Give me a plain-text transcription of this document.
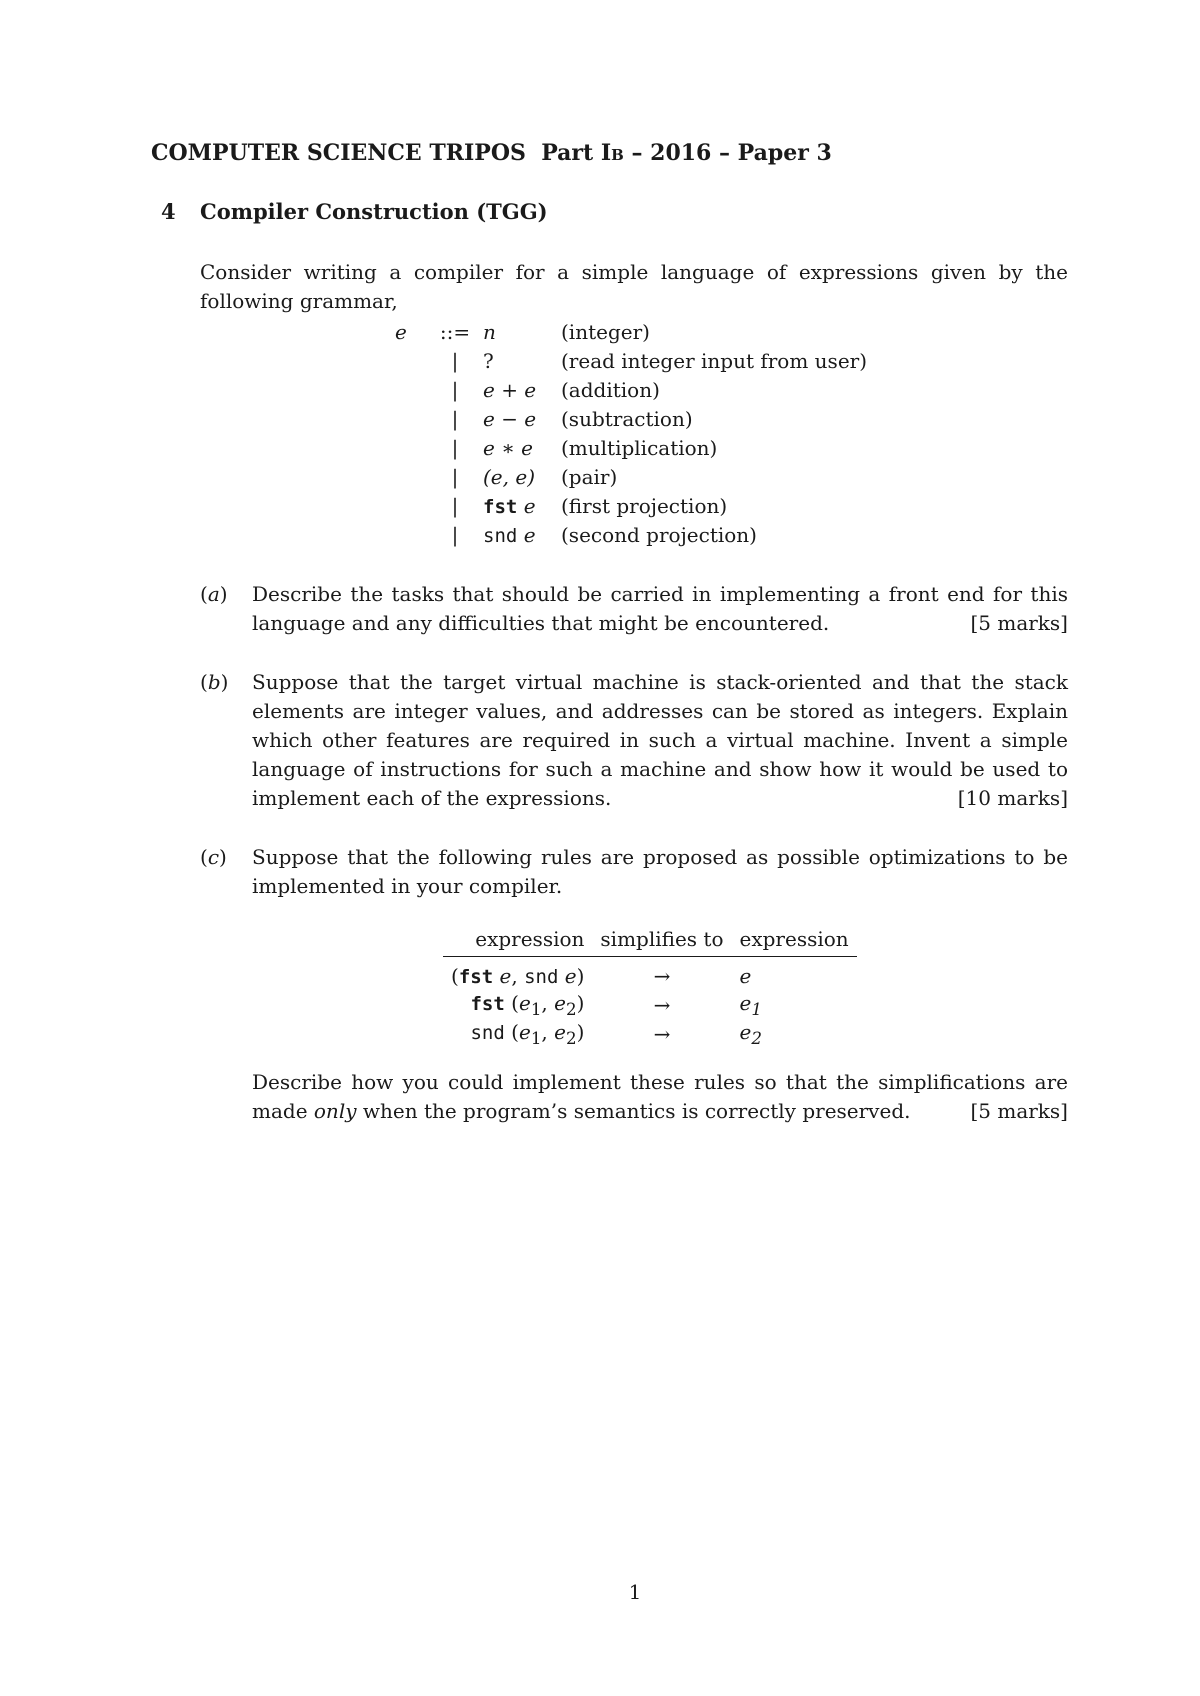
COMPUTER SCIENCE TRIPOS  Part Ib – 2016 – Paper 3
4 Compiler Construction (TGG)
Consider writing a compiler for a simple language of expressions given by the following grammar,
e	::=	n	(integer)
	|	?	(read integer input from user)
	|	e + e	(addition)
	|	e − e	(subtraction)
	|	e ∗ e	(multiplication)
	|	(e, e)	(pair)
	|	fst e	(first projection)
	|	snd e	(second projection)
(a) Describe the tasks that should be carried in implementing a front end for this language and any difficulties that might be encountered.	[5 marks]
(b) Suppose that the target virtual machine is stack-oriented and that the stack elements are integer values, and addresses can be stored as integers. Explain which other features are required in such a virtual machine. Invent a simple language of instructions for such a machine and show how it would be used to implement each of the expressions.	[10 marks]
(c) Suppose that the following rules are proposed as possible optimizations to be implemented in your compiler.
expression	simplifies to	expression
(fst e, snd e)	→	e
fst ($e_1$, $e_2$)	→	$e_1$
snd ($e_1$, $e_2$)	→	$e_2$
Describe how you could implement these rules so that the simplifications are made only when the program’s semantics is correctly preserved.	[5 marks]
1
